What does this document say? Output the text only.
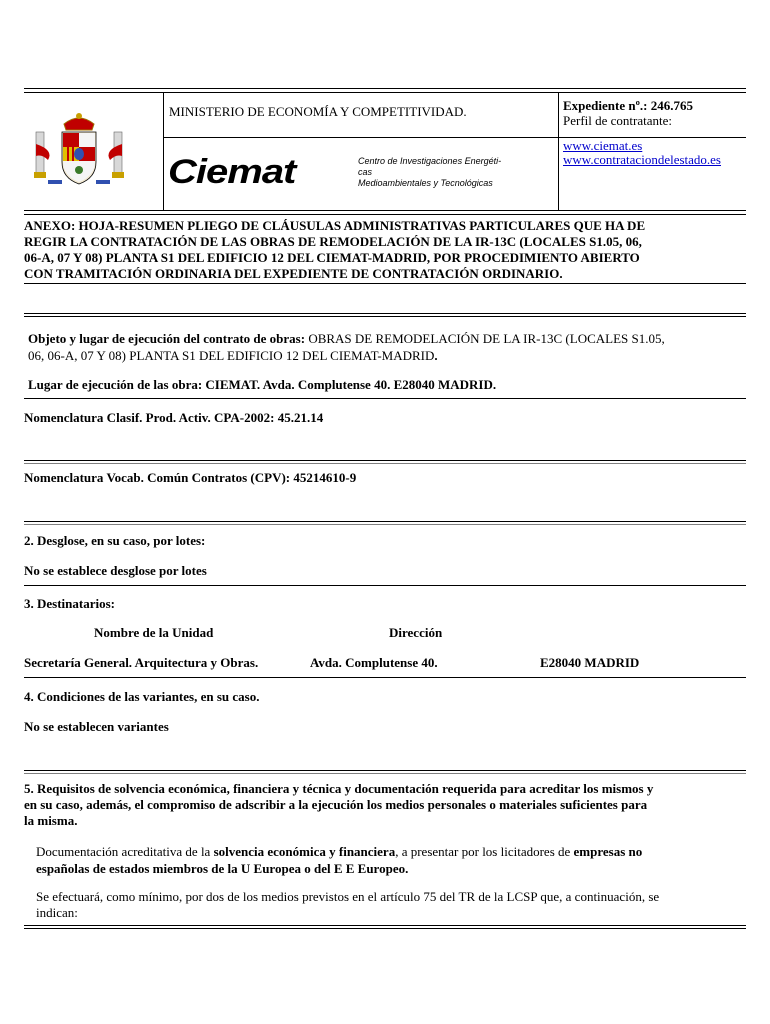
MINISTERIO DE ECONOMÍA Y COMPETITIVIDAD.	Expediente nº.: 246.765
Perfil de contratante:
www.ciemat.es
www.contrataciondelestado.es
Ciemat	Centro de Investigaciones Energéti-
cas
Medioambientales y Tecnológicas
ANEXO: HOJA-RESUMEN PLIEGO DE CLÁUSULAS ADMINISTRATIVAS PARTICULARES QUE HA DE
REGIR LA CONTRATACIÓN DE LAS OBRAS DE REMODELACIÓN DE LA IR-13C (LOCALES S1.05, 06,
06-A, 07 Y 08) PLANTA S1 DEL EDIFICIO 12 DEL CIEMAT-MADRID, POR PROCEDIMIENTO ABIERTO
CON TRAMITACIÓN ORDINARIA DEL EXPEDIENTE DE CONTRATACIÓN ORDINARIO.
Objeto y lugar de ejecución del contrato de obras: OBRAS DE REMODELACIÓN DE LA IR-13C (LOCALES S1.05,
06, 06-A, 07 Y 08) PLANTA S1 DEL EDIFICIO 12 DEL CIEMAT-MADRID.
Lugar de ejecución de las obra: CIEMAT. Avda. Complutense 40. E28040 MADRID.
Nomenclatura Clasif. Prod. Activ. CPA-2002: 45.21.14
Nomenclatura Vocab. Común Contratos (CPV): 45214610-9
2. Desglose, en su caso, por lotes:
No se establece desglose por lotes
3. Destinatarios:
Nombre de la Unidad	Dirección
Secretaría General. Arquitectura y Obras.	Avda. Complutense 40.	E28040 MADRID
4. Condiciones de las variantes, en su caso.
No se establecen variantes
5. Requisitos de solvencia económica, financiera y técnica y documentación requerida para acreditar los mismos y
en su caso, además, el compromiso de adscribir a la ejecución los medios personales o materiales suficientes para
la misma.
Documentación acreditativa de la solvencia económica y financiera, a presentar por los licitadores de empresas no
españolas de estados miembros de la U Europea o del E E Europeo.
Se efectuará, como mínimo, por dos de los medios previstos en el artículo 75 del TR de la LCSP que, a continuación, se
indican:
